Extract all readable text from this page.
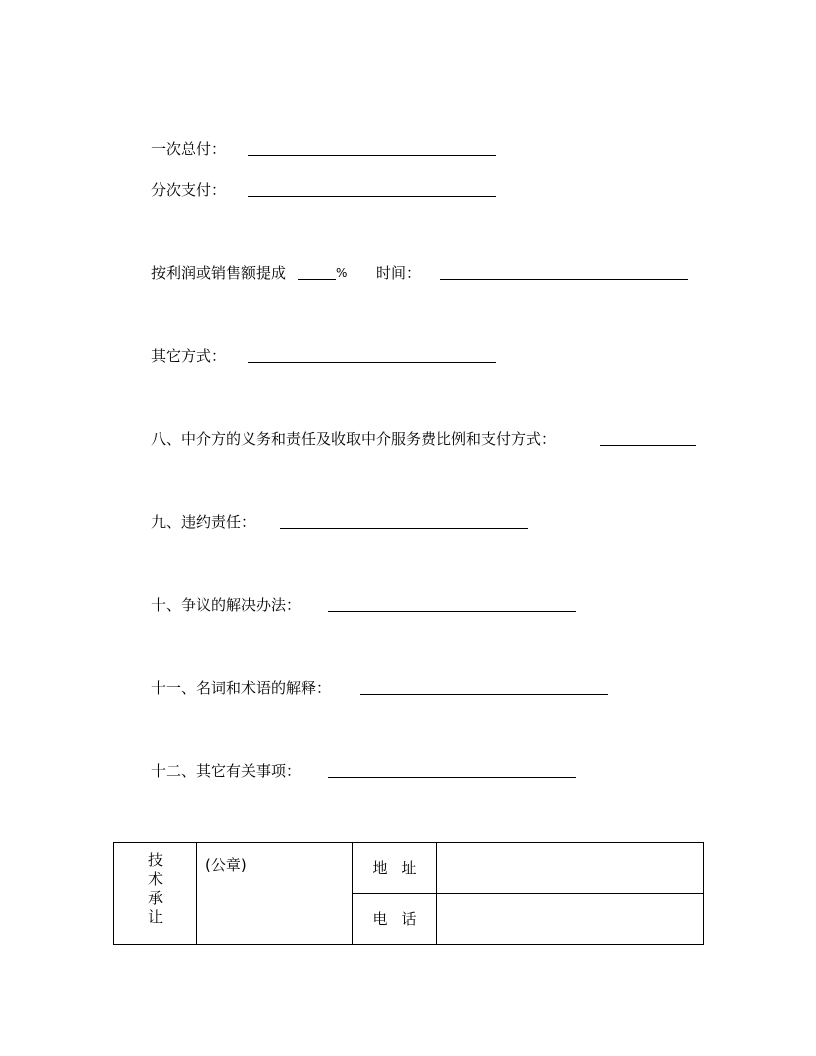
一次总付：
分次支付：
按利润或销售额提成	% 时间：
其它方式：
八、中介方的义务和责任及收取中介服务费比例和支付方式：
九、违约责任：
十、争议的解决办法：
十一、名词和术语的解释：
十二、其它有关事项：
技术承让	(公章)	地址	
		电话	
